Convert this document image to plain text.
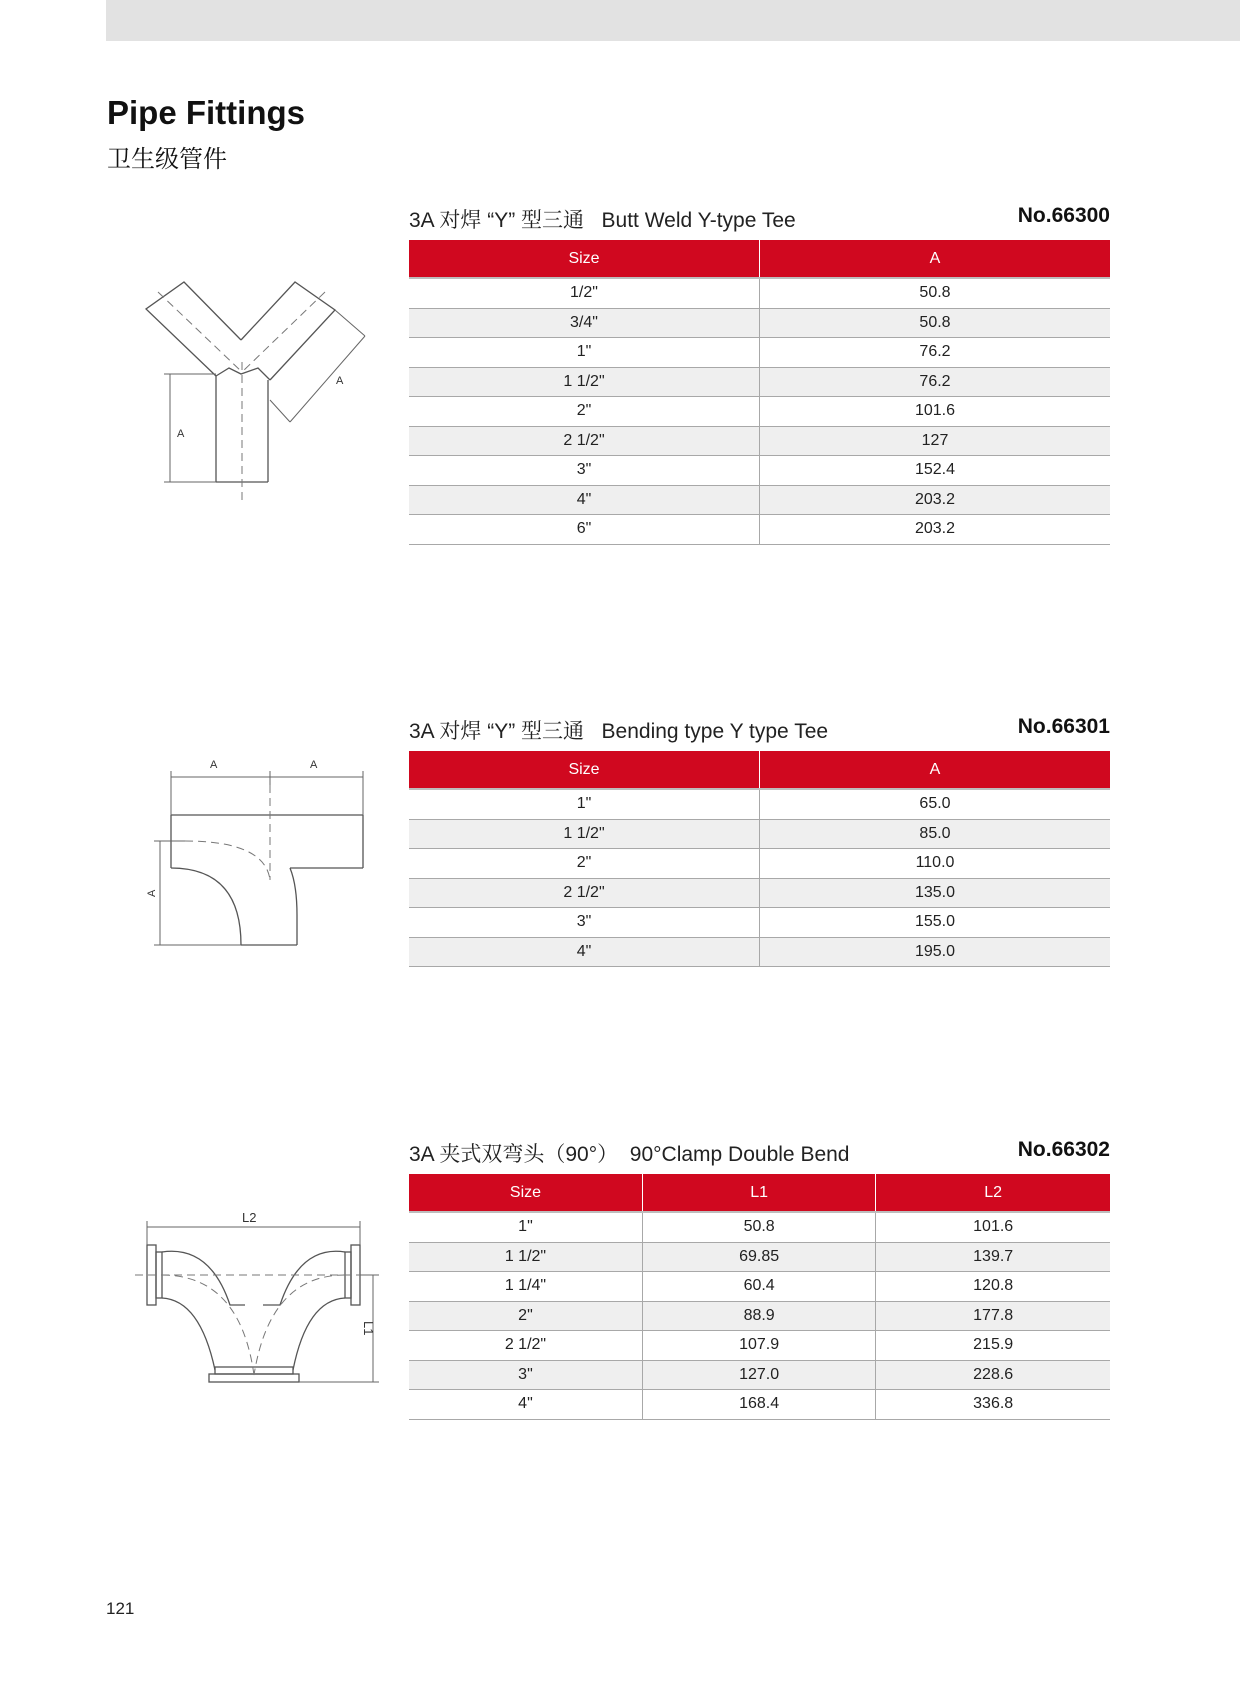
Pipe Fittings
卫生级管件
3A 对焊 “Y” 型三通   Butt Weld Y-type Tee	No.66300
A
A
Size	A
1/2"	50.8
3/4"	50.8
1"	76.2
1 1/2"	76.2
2"	101.6
2 1/2"	127
3"	152.4
4"	203.2
6"	203.2
3A 对焊 “Y” 型三通   Bending type Y type Tee	No.66301
A	A
A
Size	A
1"	65.0
1 1/2"	85.0
2"	110.0
2 1/2"	135.0
3"	155.0
4"	195.0
3A 夹式双弯头（90°）  90°Clamp Double Bend	No.66302
L2
L1
Size	L1	L2
1"	50.8	101.6
1 1/2"	69.85	139.7
1 1/4"	60.4	120.8
2"	88.9	177.8
2 1/2"	107.9	215.9
3"	127.0	228.6
4"	168.4	336.8
121
